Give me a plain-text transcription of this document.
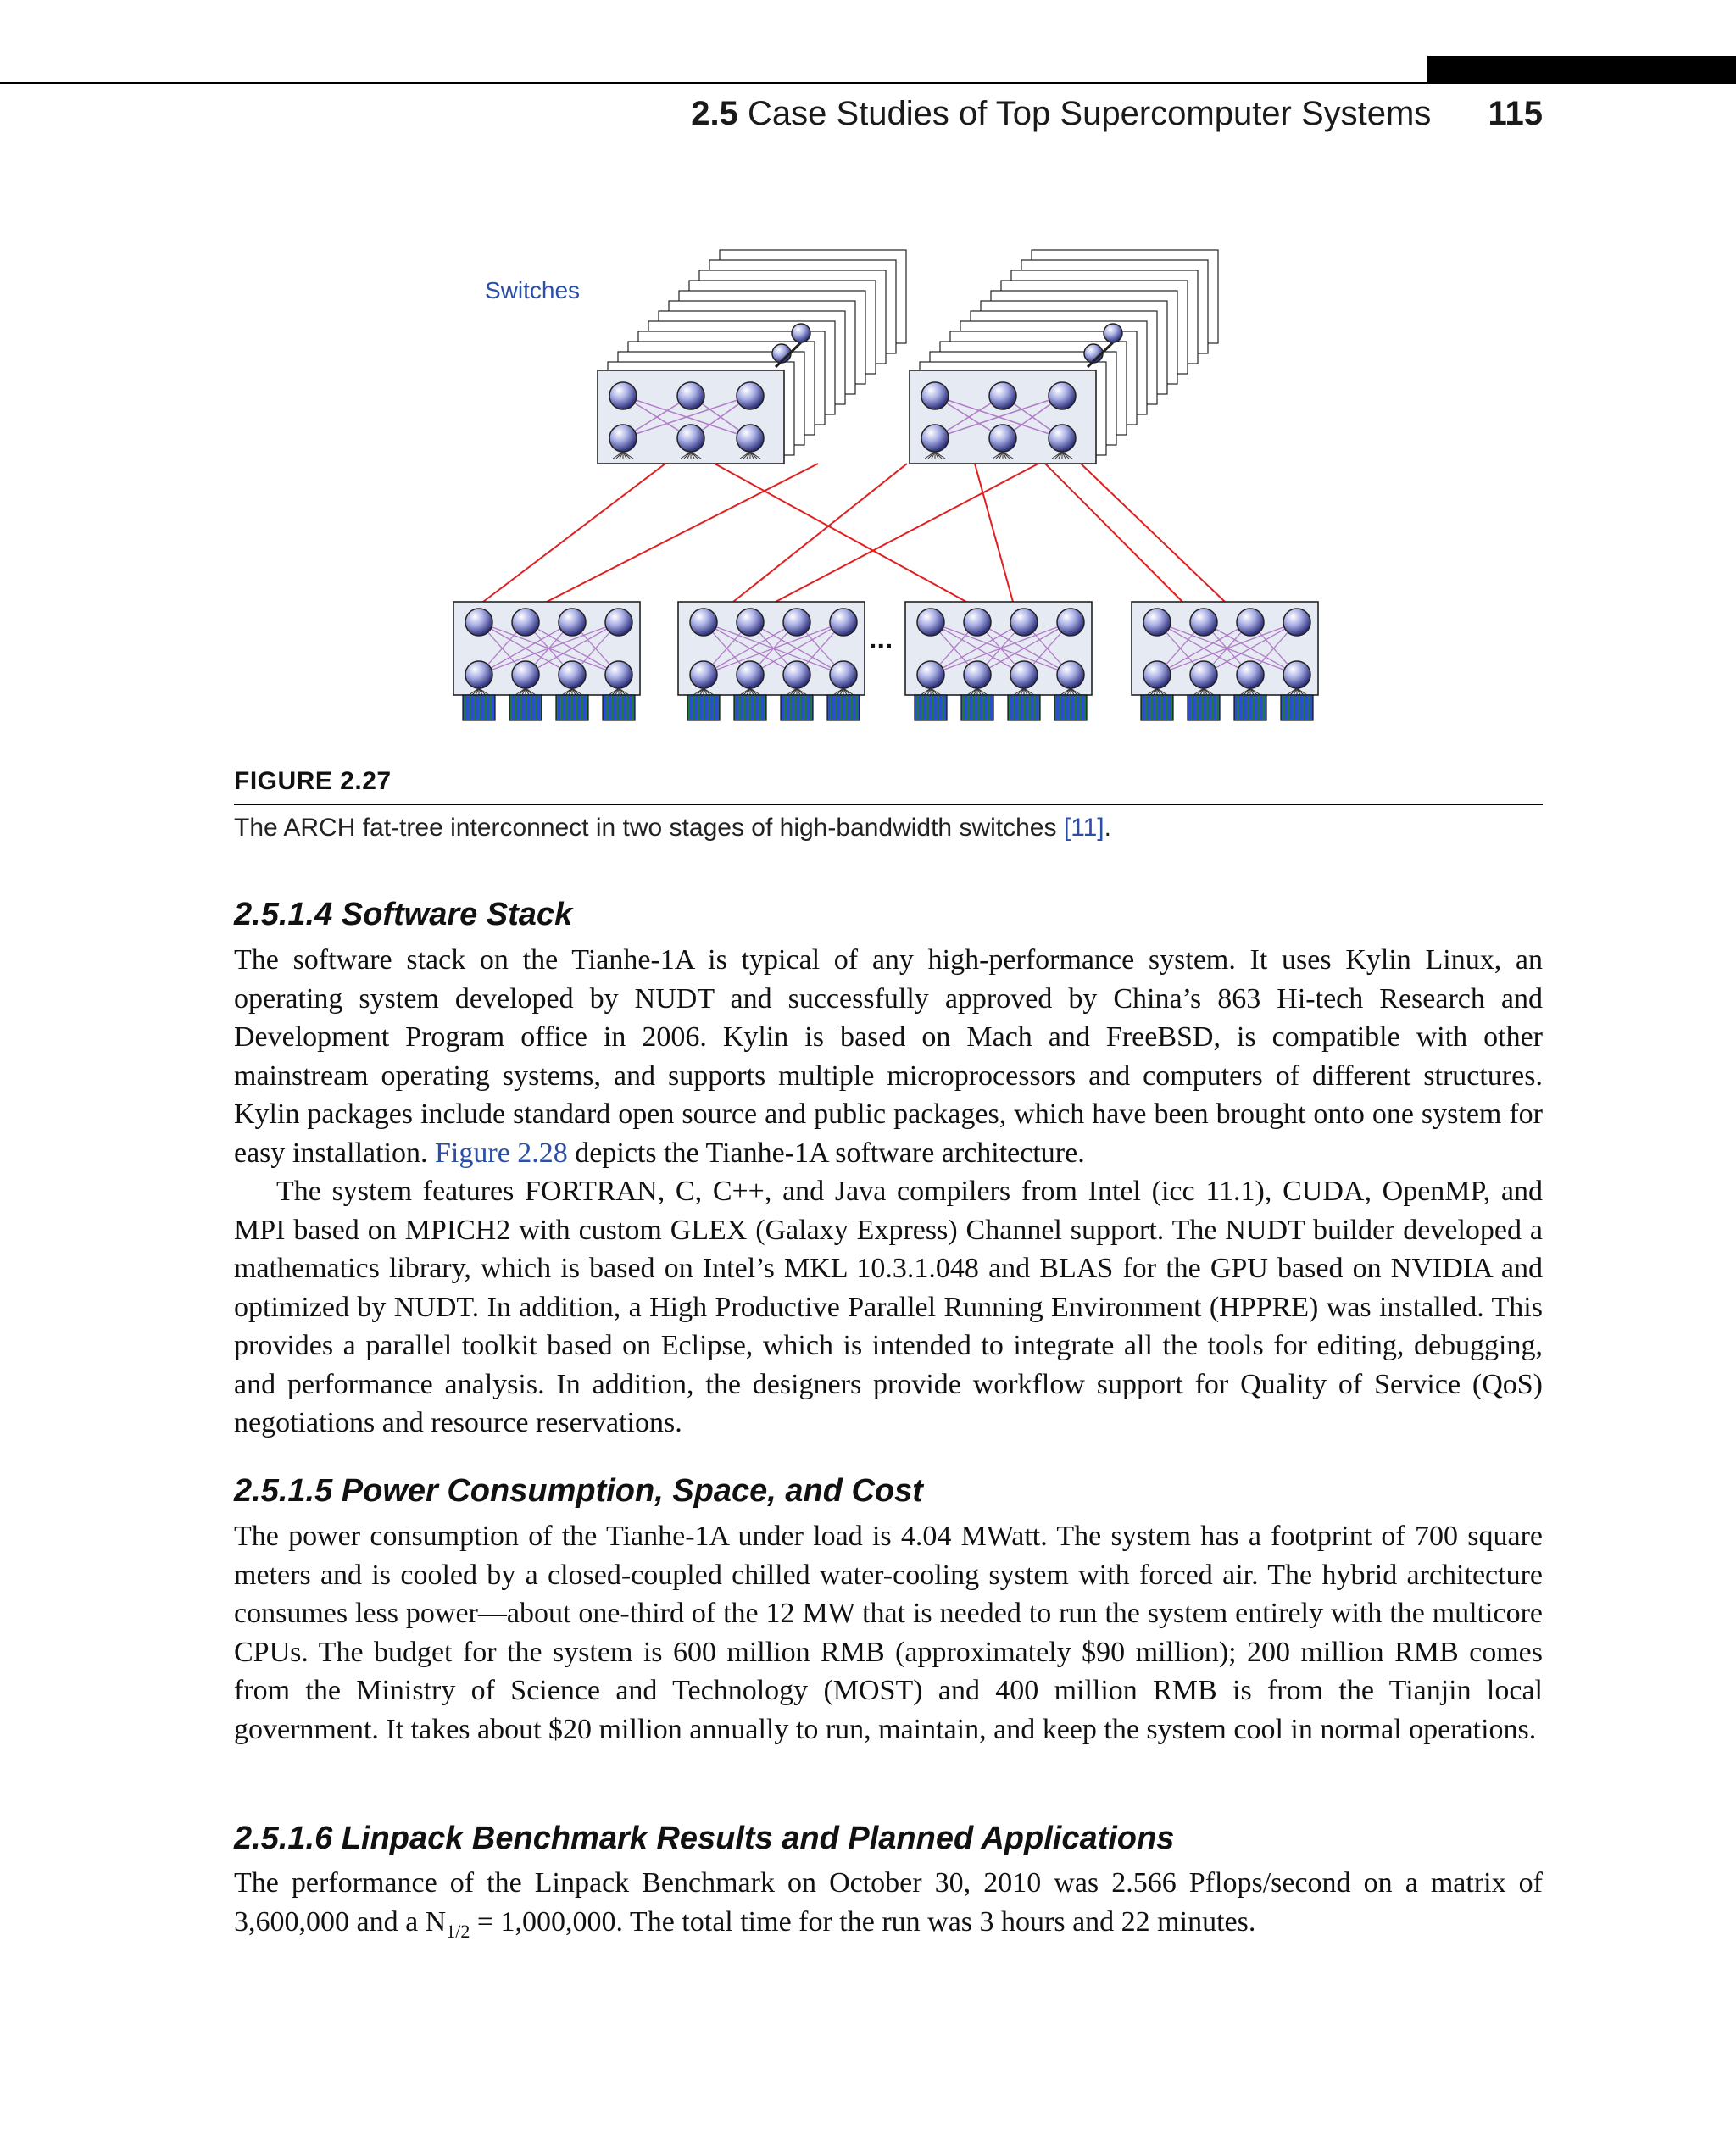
2.5 Case Studies of Top Supercomputer Systems 115
Switches
...
FIGURE 2.27
The ARCH fat-tree interconnect in two stages of high-bandwidth switches [11].
2.5.1.4 Software Stack

The software stack on the Tianhe-1A is typical of any high-performance system. It uses Kylin Linux, an operating system developed by NUDT and successfully approved by China’s 863 Hi-tech Research and Development Program office in 2006. Kylin is based on Mach and FreeBSD, is compatible with other mainstream operating systems, and supports multiple microprocessors and computers of different structures. Kylin packages include standard open source and public packages, which have been brought onto one system for easy installation. Figure 2.28 depicts the Tianhe-1A software architecture.

The system features FORTRAN, C, C++, and Java compilers from Intel (icc 11.1), CUDA, OpenMP, and MPI based on MPICH2 with custom GLEX (Galaxy Express) Channel support. The NUDT builder developed a mathematics library, which is based on Intel’s MKL 10.3.1.048 and BLAS for the GPU based on NVIDIA and optimized by NUDT. In addition, a High Productive Parallel Running Environment (HPPRE) was installed. This provides a parallel toolkit based on Eclipse, which is intended to integrate all the tools for editing, debugging, and performance analysis. In addition, the designers provide workflow support for Quality of Service (QoS) negotiations and resource reservations.

2.5.1.5 Power Consumption, Space, and Cost

The power consumption of the Tianhe-1A under load is 4.04 MWatt. The system has a footprint of 700 square meters and is cooled by a closed-coupled chilled water-cooling system with forced air. The hybrid architecture consumes less power—about one-third of the 12 MW that is needed to run the system entirely with the multicore CPUs. The budget for the system is 600 million RMB (approximately $90 million); 200 million RMB comes from the Ministry of Science and Technology (MOST) and 400 million RMB is from the Tianjin local government. It takes about $20 million annually to run, maintain, and keep the system cool in normal operations.

2.5.1.6 Linpack Benchmark Results and Planned Applications

The performance of the Linpack Benchmark on October 30, 2010 was 2.566 Pflops/second on a matrix of 3,600,000 and a $N_{1/2} = 1,000,000$. The total time for the run was 3 hours and 22 minutes.
